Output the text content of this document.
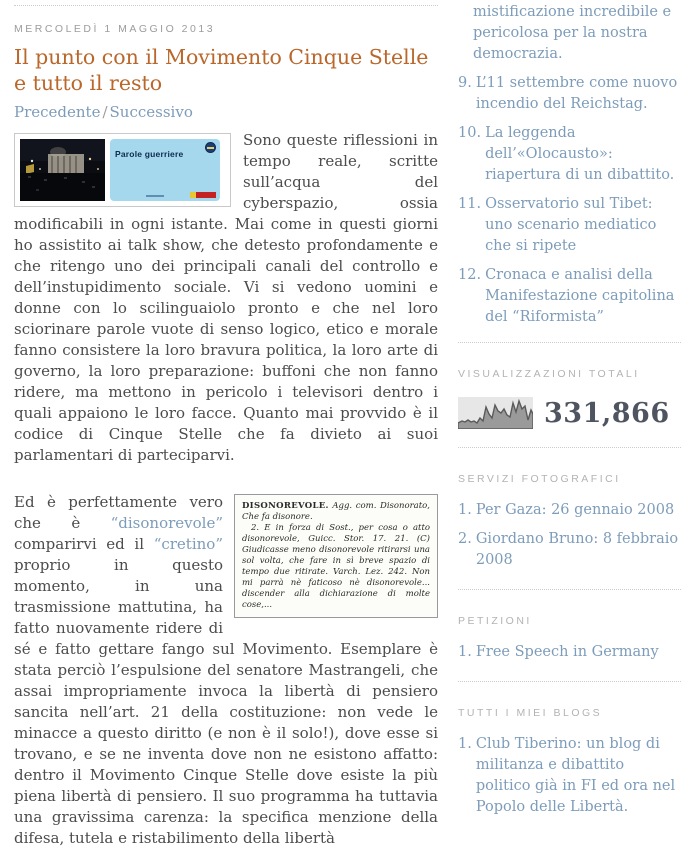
MERCOLEDÌ 1 MAGGIO 2013
Il punto con il Movimento Cinque Stelle e tutto il resto
Precedente / Successivo

Parole guerriere
Sono queste riflessioni in tempo reale, scritte sull’acqua del cyberspazio, ossia modificabili in ogni istante. Mai come in questi giorni ho assistito ai talk show, che detesto profondamente e che ritengo uno dei principali canali del controllo e dell’instupidimento sociale. Vi si vedono uomini e donne con lo scilinguaiolo pronto e che nel loro sciorinare parole vuote di senso logico, etico e morale fanno consistere la loro bravura politica, la loro arte di governo, la loro preparazione: buffoni che non fanno ridere, ma mettono in pericolo i televisori dentro i quali appaiono le loro facce. Quanto mai provvido è il codice di Cinque Stelle che fa divieto ai suoi parlamentari di parteciparvi.

DISONOREVOLE. Agg. com. Disonorato, Che fa disonore.
2. E in forza di Sost., per cosa o atto disonorevole, Guicc. Stor. 17. 21. (C) Giudicasse meno disonorevole ritirarsi una sol volta, che fare in sì breve spazio di tempo due ritirate. Varch. Lez. 242. Non mi parrà nè faticoso nè disonorevole... discender alla dichiarazione di molte cose,...
Ed è perfettamente vero che è “disonorevole” comparirvi ed il “cretino” proprio in questo momento, in una trasmissione mattutina, ha fatto nuovamente ridere di sé e fatto gettare fango sul Movimento. Esemplare è stata perciò l’espulsione del senatore Mastrangeli, che assai impropriamente invoca la libertà di pensiero sancita nell’art. 21 della costituzione: non vede le minacce a questo diritto (e non è il solo!), dove esse si trovano, e se ne inventa dove non ne esistono affatto: dentro il Movimento Cinque Stelle dove esiste la più piena libertà di pensiero. Il suo programma ha tuttavia una gravissima carenza: la specifica menzione della difesa, tutela e ristabilimento della libertà

mistificazione incredibile e pericolosa per la nostra democrazia.
9. L’11 settembre come nuovo incendio del Reichstag.
10. La leggenda dell’«Olocausto»: riapertura di un dibattito.
11. Osservatorio sul Tibet: uno scenario mediatico che si ripete
12. Cronaca e analisi della Manifestazione capitolina del “Riformista”
VISUALIZZAZIONI TOTALI
331,866
SERVIZI FOTOGRAFICI
1. Per Gaza: 26 gennaio 2008
2. Giordano Bruno: 8 febbraio 2008
PETIZIONI
1. Free Speech in Germany
TUTTI I MIEI BLOGS
1. Club Tiberino: un blog di militanza e dibattito politico già in FI ed ora nel Popolo delle Libertà.
